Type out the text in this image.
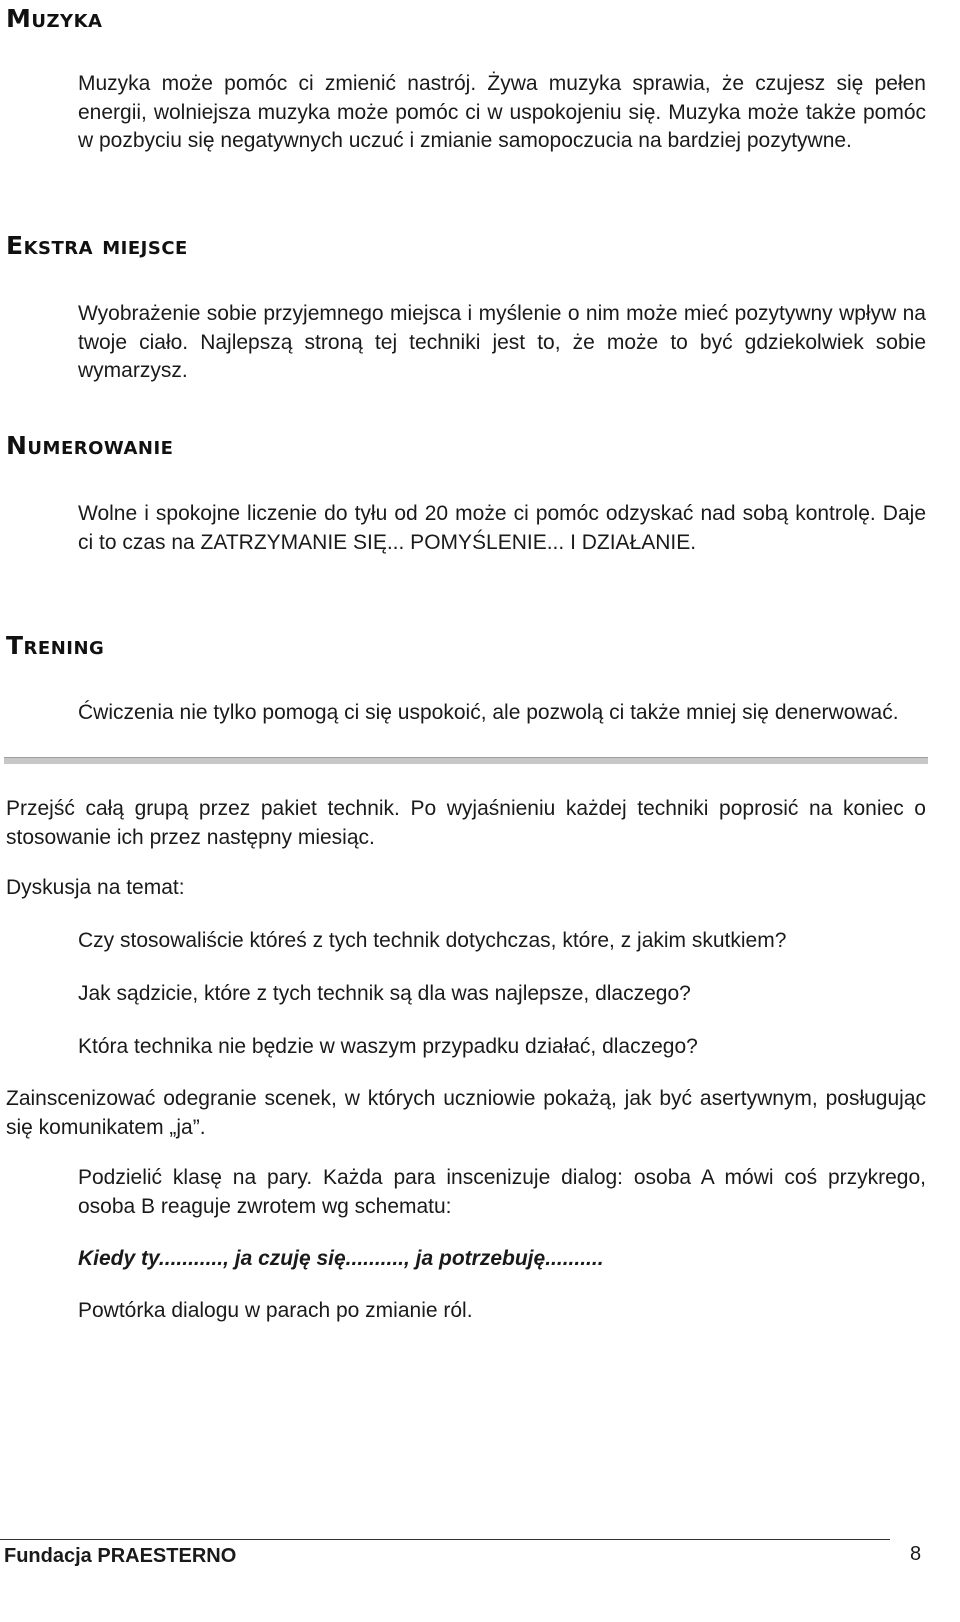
Muzyka

Muzyka może pomóc ci zmienić nastrój. Żywa muzyka sprawia, że czujesz się pełen energii, wolniejsza muzyka może pomóc ci w uspokojeniu się. Muzyka może także pomóc w pozbyciu się negatywnych uczuć i zmianie samopoczucia na bardziej pozytywne.

Ekstra miejsce

Wyobrażenie sobie przyjemnego miejsca i myślenie o nim może mieć pozytywny wpływ na twoje ciało. Najlepszą stroną tej techniki jest to, że może to być gdziekolwiek sobie wymarzysz.

Numerowanie

Wolne i spokojne liczenie do tyłu od 20 może ci pomóc odzyskać nad sobą kontrolę. Daje ci to czas na ZATRZYMANIE SIĘ... POMYŚLENIE... I DZIAŁANIE.

Trening

Ćwiczenia nie tylko pomogą ci się uspokoić, ale pozwolą ci także mniej się denerwować.

Przejść całą grupą przez pakiet technik. Po wyjaśnieniu każdej techniki poprosić na koniec o stosowanie ich przez następny miesiąc.

Dyskusja na temat:

Czy stosowaliście któreś z tych technik dotychczas, które, z jakim skutkiem?

Jak sądzicie, które z tych technik są dla was najlepsze, dlaczego?

Która technika nie będzie w waszym przypadku działać, dlaczego?

Zainscenizować odegranie scenek, w których uczniowie pokażą, jak być asertywnym, posługując się komunikatem „ja”.

Podzielić klasę na pary. Każda para inscenizuje dialog: osoba A mówi coś przykrego, osoba B reaguje zwrotem wg schematu:

Kiedy ty..........., ja czuję się.........., ja potrzebuję..........

Powtórka dialogu w parach po zmianie ról.

Fundacja PRAESTERNO	8
